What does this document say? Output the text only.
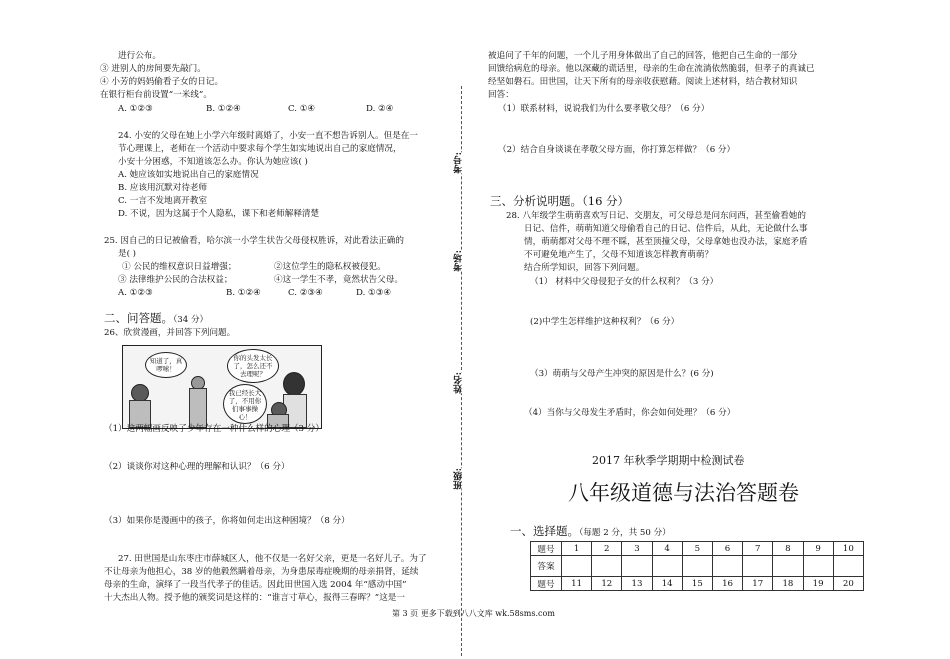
进行公布。
③ 进别人的房间要先敲门。
④ 小芳的妈妈偷看子女的日记。
在银行柜台前设置“一米线”。
A. ①②③	B. ①②④	C. ①④	D. ②④
24. 小安的父母在她上小学六年级时离婚了，小安一直不想告诉别人。但是在一
节心理课上，老师在一个活动中要求每个学生如实地说出自己的家庭情况，
小安十分困惑，不知道该怎么办。你认为她应该( )
A. 她应该如实地说出自己的家庭情况
B. 应该用沉默对待老师
C. 一言不发地离开教室
D. 不说，因为这属于个人隐私，课下和老师解释清楚
25. 因自己的日记被偷看，哈尔滨一小学生状告父母侵权胜诉，对此看法正确的
是( )
① 公民的维权意识日益增强；	②这位学生的隐私权被侵犯。
③ 法律维护公民的合法权益；	④这一学生不孝，竟然状告父母。
A. ①②③	B. ①②④	C. ②③④	D. ①③④
二、问答题。（34 分）
26、欣赏漫画，并回答下列问题。
知道了，真啰嗦！
你的头发太长了，怎么还不去理呢？
我已经长大了，不用你们事事操心！
（1）这两幅画反映了少年存在一种什么样的心理（3 分）
（2）谈谈你对这种心理的理解和认识？（6 分）
（3）如果你是漫画中的孩子，你将如何走出这种困境？（8 分）
27. 田世国是山东枣庄市薛城区人，他不仅是一名好父亲，更是一名好儿子。为了
不让母亲为他担心，38 岁的他毅然瞒着母亲，为身患尿毒症晚期的母亲捐肾，延续
母亲的生命，演绎了一段当代孝子的佳话。因此田世国入选 2004 年“感动中国”
十大杰出人物。授予他的颁奖词是这样的：“谁言寸草心，报得三春晖？”这是一
考号:
考场:
姓名:
班级:
被追问了千年的问题，一个儿子用身体做出了自己的回答，他把自己生命的一部分
回馈给病危的母亲。他以深藏的谎话里，母亲的生命在流淌依然脆弱，但孝子的真诚已
经坚如磐石。田世国，让天下所有的母亲收获慰藉。阅读上述材料，结合教材知识
回答：
（1）联系材料，说说我们为什么要孝敬父母？（6 分）
（2）结合自身谈谈在孝敬父母方面，你打算怎样做？（6 分）
三、分析说明题。（16 分）
28. 八年级学生萌萌喜欢写日记、交朋友，可父母总是问东问西，甚至偷看她的
日记、信件，萌萌知道父母偷看自己的日记、信件后，从此，无论做什么事
情，萌萌都对父母不理不睬，甚至顶撞父母，父母拿她也没办法，家庭矛盾
不可避免地产生了，父母不知道该怎样教育萌萌？
结合所学知识，回答下列问题。
（1） 材料中父母侵犯子女的什么权利？（3 分）
(2)中学生怎样维护这种权利？（6 分）
（3）萌萌与父母产生冲突的原因是什么？(6 分)
（4）当你与父母发生矛盾时，你会如何处理？（6 分）
2017 年秋季学期期中检测试卷
八年级道德与法治答题卷
一、选择题。（每题 2 分，共 50 分）
题号	1	2	3	4	5	6	7	8	9	10
答案										
题号	11	12	13	14	15	16	17	18	19	20
第 3 页 更多下载到八八文库 wk.58sms.com
